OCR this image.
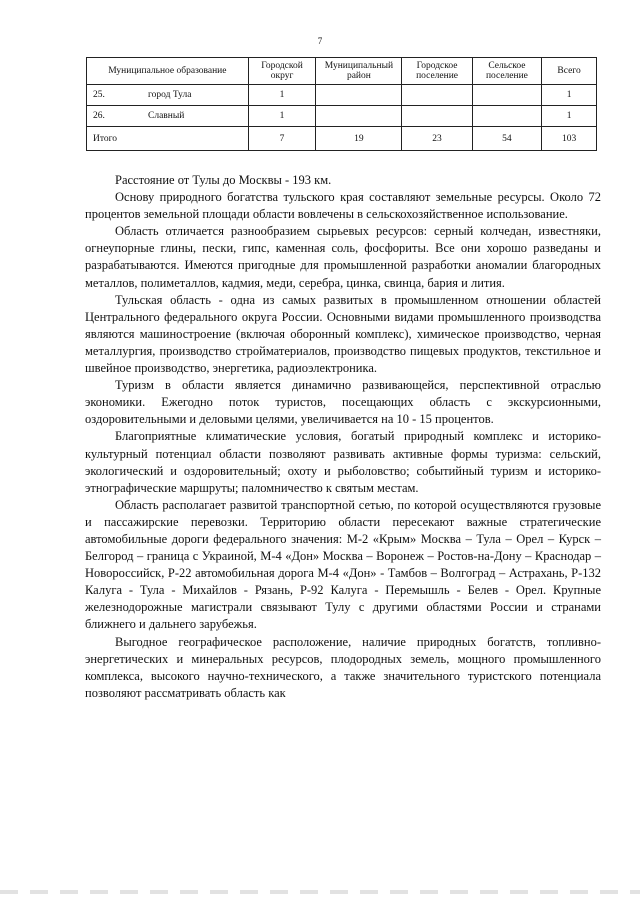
7
Муниципальное образование	Городской округ	Муниципальный район	Городское поселение	Сельское поселение	Всего
25. город Тула	1				1
26. Славный	1				1
Итого	7	19	23	54	103

Расстояние от Тулы до Москвы - 193 км.

Основу природного богатства тульского края составляют земельные ресурсы. Около 72 процентов земельной площади области вовлечены в сельскохозяйственное использование.

Область отличается разнообразием сырьевых ресурсов: серный колчедан, известняки, огнеупорные глины, пески, гипс, каменная соль, фосфориты. Все они хорошо разведаны и разрабатываются. Имеются пригодные для промышленной разработки аномалии благородных металлов, полиметаллов, кадмия, меди, серебра, цинка, свинца, бария и лития.

Тульская область - одна из самых развитых в промышленном отношении областей Центрального федерального округа России. Основными видами промышленного производства являются машиностроение (включая оборонный комплекс), химическое производство, черная металлургия, производство стройматериалов, производство пищевых продуктов, текстильное и швейное производство, энергетика, радиоэлектроника.

Туризм в области является динамично развивающейся, перспективной отраслью экономики. Ежегодно поток туристов, посещающих область с экскурсионными, оздоровительными и деловыми целями, увеличивается на 10 - 15 процентов.

Благоприятные климатические условия, богатый природный комплекс и историко-культурный потенциал области позволяют развивать активные формы туризма: сельский, экологический и оздоровительный; охоту и рыболовство; событийный туризм и историко-этнографические маршруты; паломничество к святым местам.

Область располагает развитой транспортной сетью, по которой осуществляются грузовые и пассажирские перевозки. Территорию области пересекают важные стратегические автомобильные дороги федерального значения: М-2 «Крым» Москва – Тула – Орел – Курск – Белгород – граница с Украиной, М-4 «Дон» Москва – Воронеж – Ростов-на-Дону – Краснодар – Новороссийск, Р-22 автомобильная дорога М-4 «Дон» - Тамбов – Волгоград – Астрахань, Р-132 Калуга - Тула - Михайлов - Рязань, Р-92 Калуга - Перемышль - Белев - Орел. Крупные железнодорожные магистрали связывают Тулу с другими областями России и странами ближнего и дальнего зарубежья.

Выгодное географическое расположение, наличие природных богатств, топливно-энергетических и минеральных ресурсов, плодородных земель, мощного промышленного комплекса, высокого научно-технического, а также значительного туристского потенциала позволяют рассматривать область как
